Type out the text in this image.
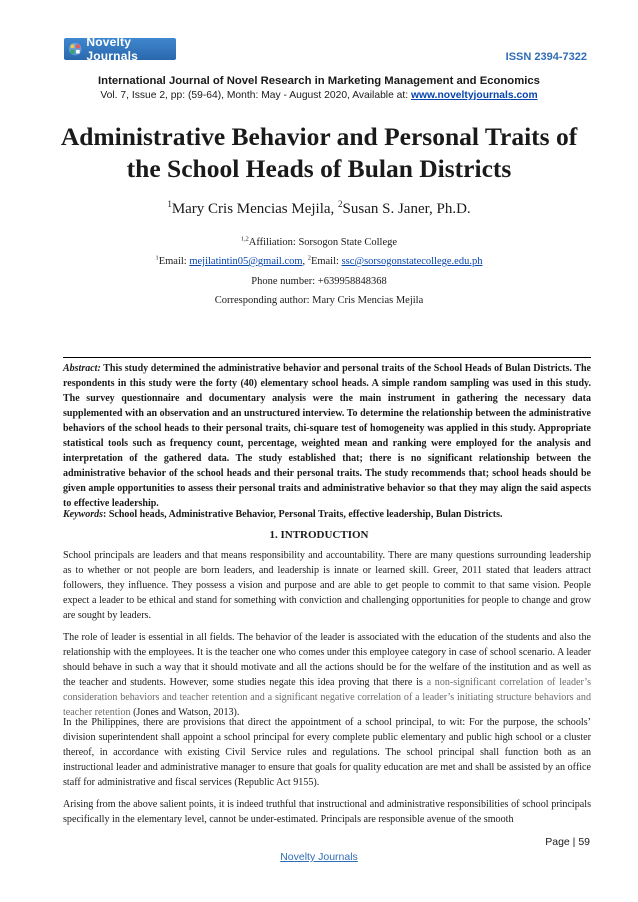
Novelty Journals	ISSN 2394-7322
International Journal of Novel Research in Marketing Management and Economics
Vol. 7, Issue 2, pp: (59-64), Month: May - August 2020, Available at: www.noveltyjournals.com
Administrative Behavior and Personal Traits of
the School Heads of Bulan Districts
$^1$Mary Cris Mencias Mejila, $^2$Susan S. Janer, Ph.D.
$^{1,2}$Affiliation: Sorsogon State College
$^1$Email: mejilatintin05@gmail.com, $^2$Email: ssc@sorsogonstatecollege.edu.ph
Phone number: +639958848368
Corresponding author: Mary Cris Mencias Mejila
Abstract: This study determined the administrative behavior and personal traits of the School Heads of Bulan Districts. The respondents in this study were the forty (40) elementary school heads. A simple random sampling was used in this study. The survey questionnaire and documentary analysis were the main instrument in gathering the necessary data supplemented with an observation and an unstructured interview. To determine the relationship between the administrative behaviors of the school heads to their personal traits, chi-square test of homogeneity was applied in this study. Appropriate statistical tools such as frequency count, percentage, weighted mean and ranking were employed for the analysis and interpretation of the gathered data. The study established that; there is no significant relationship between the administrative behavior of the school heads and their personal traits. The study recommends that; school heads should be given ample opportunities to assess their personal traits and administrative behavior so that they may align the said aspects to effective leadership.
Keywords: School heads, Administrative Behavior, Personal Traits, effective leadership, Bulan Districts.
1. INTRODUCTION

School principals are leaders and that means responsibility and accountability. There are many questions surrounding leadership as to whether or not people are born leaders, and leadership is innate or learned skill. Greer, 2011 stated that leaders attract followers, they influence. They possess a vision and purpose and are able to get people to commit to that same vision. People expect a leader to be ethical and stand for something with conviction and challenging opportunities for people to change and grow are sought by leaders.

The role of leader is essential in all fields. The behavior of the leader is associated with the education of the students and also the relationship with the employees. It is the teacher one who comes under this employee category in case of school scenario. A leader should behave in such a way that it should motivate and all the actions should be for the welfare of the institution and as well as the teacher and students. However, some studies negate this idea proving that there is a non-significant correlation of leader’s consideration behaviors and teacher retention and a significant negative correlation of a leader’s initiating structure behaviors and teacher retention (Jones and Watson, 2013).

In the Philippines, there are provisions that direct the appointment of a school principal, to wit: For the purpose, the schools’ division superintendent shall appoint a school principal for every complete public elementary and public high school or a cluster thereof, in accordance with existing Civil Service rules and regulations. The school principal shall function both as an instructional leader and administrative manager to ensure that goals for quality education are met and shall be assisted by an office staff for administrative and fiscal services (Republic Act 9155).

Arising from the above salient points, it is indeed truthful that instructional and administrative responsibilities of school principals specifically in the elementary level, cannot be under-estimated. Principals are responsible avenue of the smooth

Page | 59
Novelty Journals
